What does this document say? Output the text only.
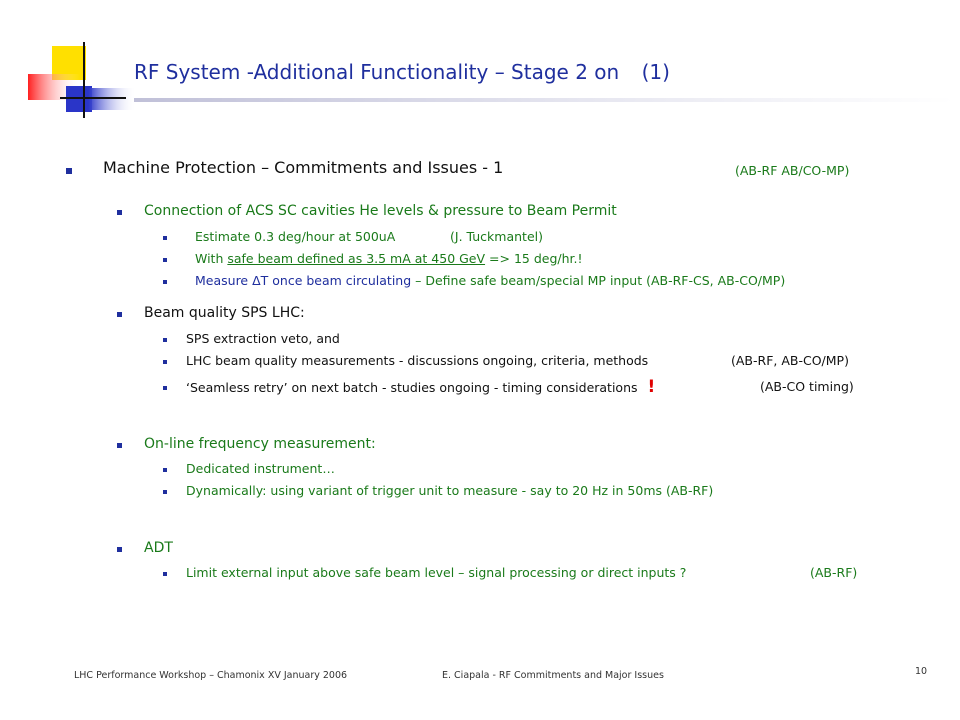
RF System -Additional Functionality – Stage 2 on (1)
Machine Protection – Commitments and Issues - 1	(AB-RF AB/CO-MP)
Connection of ACS SC cavities He levels & pressure to Beam Permit
Estimate 0.3 deg/hour at 500uA	(J. Tuckmantel)
With safe beam defined as 3.5 mA at 450 GeV => 15 deg/hr.!
Measure ΔT once beam circulating – Define safe beam/special MP input (AB-RF-CS, AB-CO/MP)
Beam quality SPS LHC:
SPS extraction veto, and
LHC beam quality measurements - discussions ongoing, criteria, methods	(AB-RF, AB-CO/MP)
‘Seamless retry’ on next batch - studies ongoing - timing considerations !	(AB-CO timing)
On-line frequency measurement:
Dedicated instrument…
Dynamically: using variant of trigger unit to measure - say to 20 Hz in 50ms (AB-RF)
ADT
Limit external input above safe beam level – signal processing or direct inputs ?	(AB-RF)
LHC Performance Workshop – Chamonix XV January 2006	E. Ciapala - RF Commitments and Major Issues	10
